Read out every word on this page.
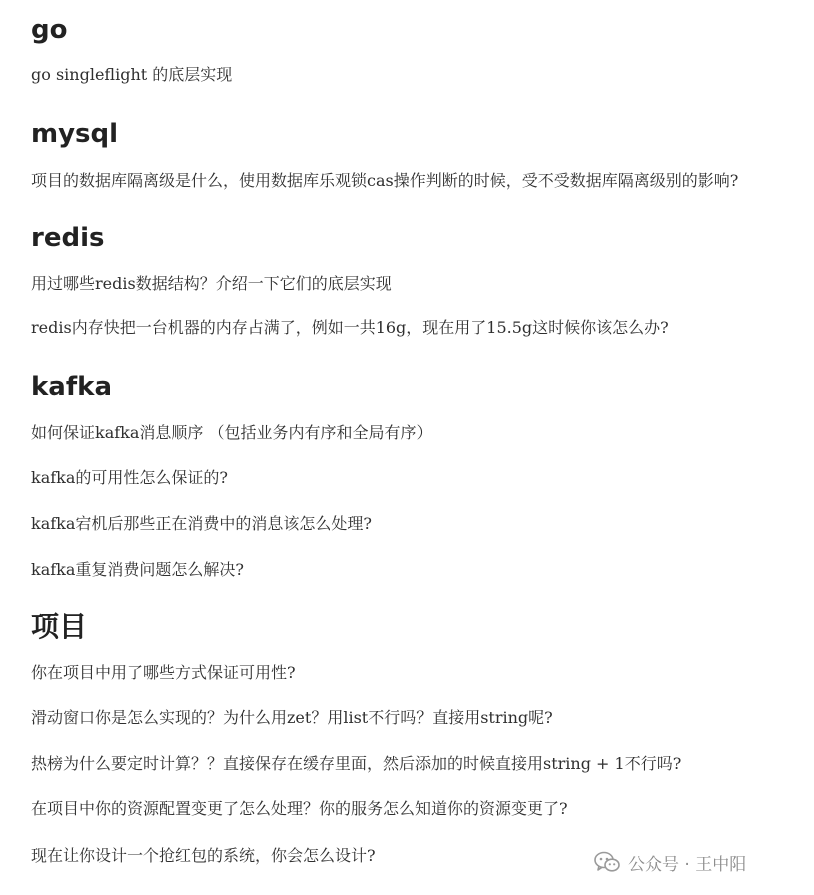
go

go singleflight 的底层实现

mysql

项目的数据库隔离级是什么，使用数据库乐观锁cas操作判断的时候，受不受数据库隔离级别的影响?

redis

用过哪些redis数据结构？介绍一下它们的底层实现

redis内存快把一台机器的内存占满了，例如一共16g，现在用了15.5g这时候你该怎么办?

kafka

如何保证kafka消息顺序 （包括业务内有序和全局有序）

kafka的可用性怎么保证的?

kafka宕机后那些正在消费中的消息该怎么处理?

kafka重复消费问题怎么解决?

项目

你在项目中用了哪些方式保证可用性?

滑动窗口你是怎么实现的？为什么用zet？用list不行吗？直接用string呢?

热榜为什么要定时计算？？直接保存在缓存里面，然后添加的时候直接用string + 1不行吗?

在项目中你的资源配置变更了怎么处理？你的服务怎么知道你的资源变更了?

现在让你设计一个抢红包的系统，你会怎么设计?	公众号 · 王中阳
